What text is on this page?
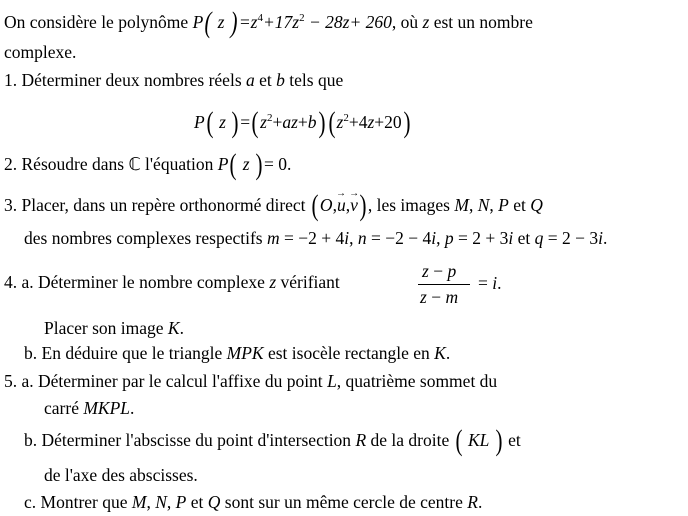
On considère le polynôme P( z )$=z^4+17z^2 - 28z+ 260$, où z est un nombre
complexe.
1. Déterminer deux nombres réels a et b tels que
P( z )$=(z^2+az+b)$ $(z^2+4z+20)$
2. Résoudre dans ℂ l'équation P( z )= 0.
3. Placer, dans un repère orthonormé direct (O,u →,v →), les images M, N, P et Q
des nombres complexes respectifs m = −2 + 4i, n = −2 − 4i, p = 2 + 3i et q = 2 − 3i.
4. a. Déterminer le nombre complexe z vérifiant
z − p
= i.
z − m
Placer son image K.
b. En déduire que le triangle MPK est isocèle rectangle en K.
5. a. Déterminer par le calcul l'affixe du point L, quatrième sommet du
carré MKPL.
b. Déterminer l'abscisse du point d'intersection R de la droite ( KL ) et
de l'axe des abscisses.
c. Montrer que M, N, P et Q sont sur un même cercle de centre R.
